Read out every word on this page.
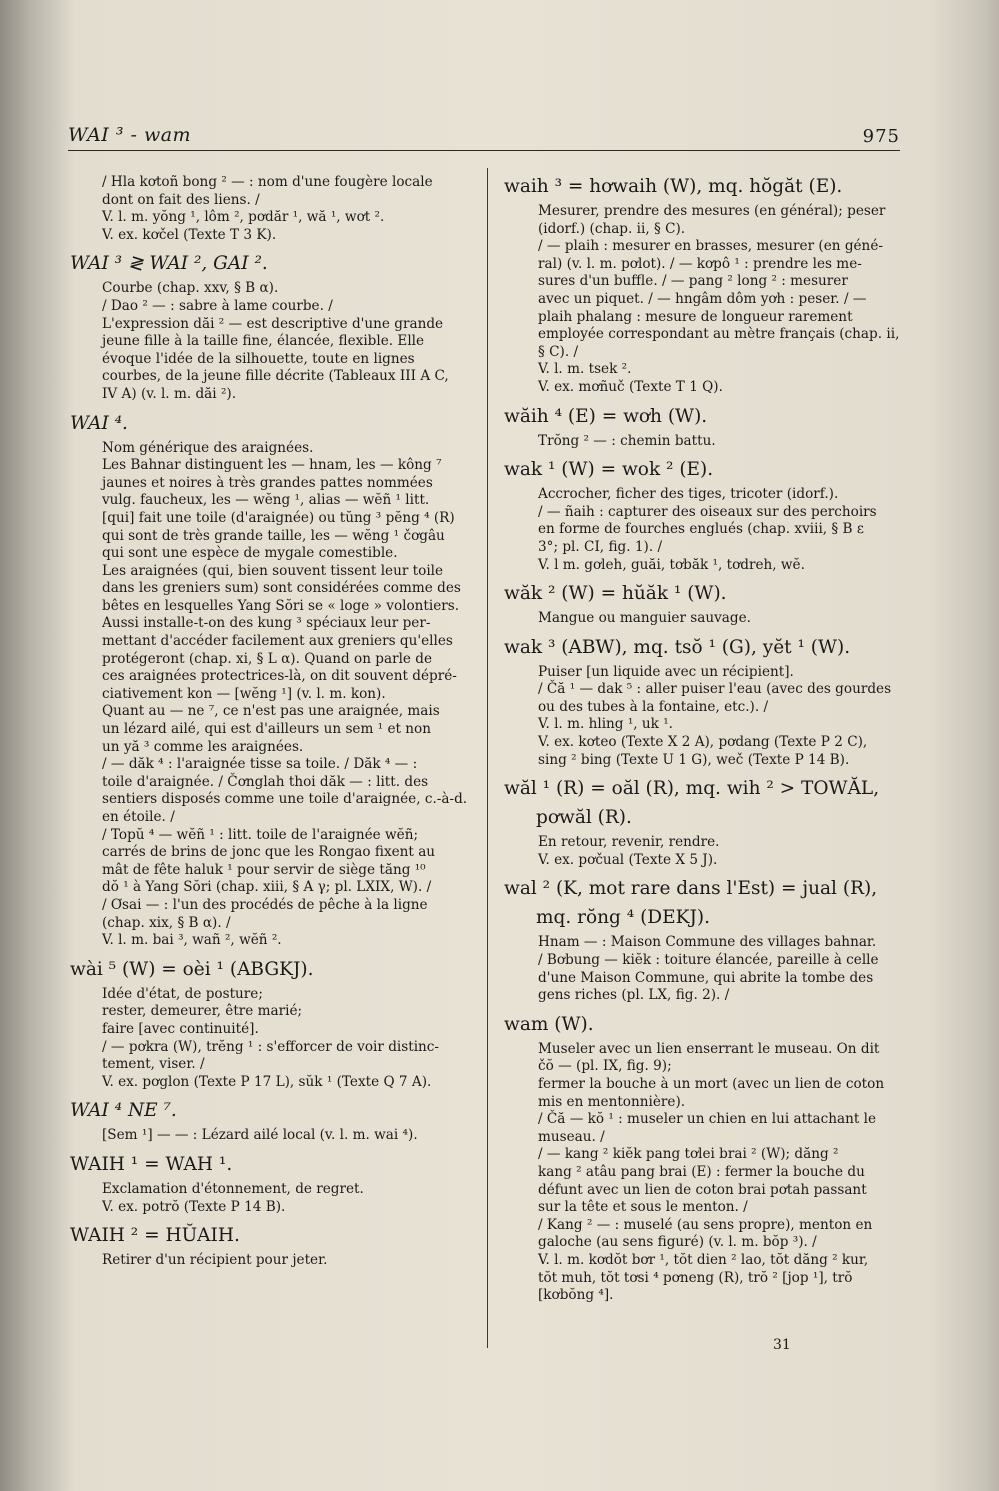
WAI ³ - wam	975

/ Hla kơtoñ bong ² — : nom d'une fougère locale

dont on fait des liens. /

V. l. m. yŏng ¹, lôm ², pơdăr ¹, wă ¹, wơt ².

V. ex. kơčel (Texte T 3 K).

WAI ³ ≷ WAI ², GAI ².

Courbe (chap. xxv, § B α).

/ Dao ² — : sabre à lame courbe. /

L'expression dăi ² — est descriptive d'une grande

jeune fille à la taille fine, élancée, flexible. Elle

évoque l'idée de la silhouette, toute en lignes

courbes, de la jeune fille décrite (Tableaux III A C,

IV A) (v. l. m. dăi ²).

WAI ⁴.

Nom générique des araignées.

Les Bahnar distinguent les — hnam, les — kông ⁷

jaunes et noires à très grandes pattes nommées

vulg. faucheux, les — wĕng ¹, alias — wĕñ ¹ litt.

[qui] fait une toile (d'araignée) ou tŭng ³ pĕng ⁴ (R)

qui sont de très grande taille, les — wĕng ¹ čơgâu

qui sont une espèce de mygale comestible.

Les araignées (qui, bien souvent tissent leur toile

dans les greniers sum) sont considérées comme des

bêtes en lesquelles Yang Sŏri se « loge » volontiers.

Aussi installe-t-on des kung ³ spéciaux leur per-

mettant d'accéder facilement aux greniers qu'elles

protégeront (chap. xi, § L α). Quand on parle de

ces araignées protectrices-là, on dit souvent dépré-

ciativement kon — [wĕng ¹] (v. l. m. kon).

Quant au — ne ⁷, ce n'est pas une araignée, mais

un lézard ailé, qui est d'ailleurs un sem ¹ et non

un yă ³ comme les araignées.

/ — dăk ⁴ : l'araignée tisse sa toile. / Dăk ⁴ — :

toile d'araignée. / Čơnglah thoi dăk — : litt. des

sentiers disposés comme une toile d'araignée, c.-à-d.

en étoile. /

/ Topŭ ⁴ — wĕñ ¹ : litt. toile de l'araignée wĕñ;

carrés de brins de jonc que les Rongao fixent au

mât de fête haluk ¹ pour servir de siège tăng ¹⁰

dŏ ¹ à Yang Sŏri (chap. xiii, § A γ; pl. LXIX, W). /

/ Ơsai — : l'un des procédés de pêche à la ligne

(chap. xix, § B α). /

V. l. m. bai ³, wañ ², wĕñ ².

wài ⁵ (W) = oèi ¹ (ABGKJ).

Idée d'état, de posture;

rester, demeurer, être marié;

faire [avec continuité].

/ — pơkra (W), trĕng ¹ : s'efforcer de voir distinc-

tement, viser. /

V. ex. pơglon (Texte P 17 L), sŭk ¹ (Texte Q 7 A).

WAI ⁴ NE ⁷.

[Sem ¹] — — : Lézard ailé local (v. l. m. wai ⁴).

WAIH ¹ = WAH ¹.

Exclamation d'étonnement, de regret.

V. ex. potrŏ (Texte P 14 B).

WAIH ² = HŬAIH.

Retirer d'un récipient pour jeter.

waih ³ = hơwaih (W), mq. hŏgăt (E).

Mesurer, prendre des mesures (en général); peser

(idorf.) (chap. ii, § C).

/ — plaih : mesurer en brasses, mesurer (en géné-

ral) (v. l. m. pơlot). / — kơpô ¹ : prendre les me-

sures d'un buffle. / — pang ² long ² : mesurer

avec un piquet. / — hngâm dôm yơh : peser. / —

plaih phalang : mesure de longueur rarement

employée correspondant au mètre français (chap. ii,

§ C). /

V. l. m. tsek ².

V. ex. mơñuč (Texte T 1 Q).

wăih ⁴ (E) = wơh (W).

Trŏng ² — : chemin battu.

wak ¹ (W) = wok ² (E).

Accrocher, ficher des tiges, tricoter (idorf.).

/ — ñaih : capturer des oiseaux sur des perchoirs

en forme de fourches englués (chap. xviii, § B ε

3°; pl. CI, fig. 1). /

V. l m. gơleh, guăi, tơbăk ¹, tơdreh, wĕ.

wăk ² (W) = hŭăk ¹ (W).

Mangue ou manguier sauvage.

wak ³ (ABW), mq. tsŏ ¹ (G), yĕt ¹ (W).

Puiser [un liquide avec un récipient].

/ Čă ¹ — dak ⁵ : aller puiser l'eau (avec des gourdes

ou des tubes à la fontaine, etc.). /

V. l. m. hling ¹, uk ¹.

V. ex. kơteo (Texte X 2 A), pơdang (Texte P 2 C),

sing ² bing (Texte U 1 G), wеč (Texte P 14 B).

wăl ¹ (R) = oăl (R), mq. wih ² > TOWĂL,
pơwăl (R).

En retour, revenir, rendre.

V. ex. pơčual (Texte X 5 J).

wal ² (K, mot rare dans l'Est) = jual (R),
mq. rŏng ⁴ (DEKJ).

Hnam — : Maison Commune des villages bahnar.

/ Bơbung — kiĕk : toiture élancée, pareille à celle

d'une Maison Commune, qui abrite la tombe des

gens riches (pl. LX, fig. 2). /

wam (W).

Museler avec un lien enserrant le museau. On dit

čŏ — (pl. IX, fig. 9);

fermer la bouche à un mort (avec un lien de coton

mis en mentonnière).

/ Čă — kŏ ¹ : museler un chien en lui attachant le

museau. /

/ — kang ² kiĕk pang tơlei brai ² (W); dăng ²

kang ² atâu pang brai (E) : fermer la bouche du

défunt avec un lien de coton brai pơtah passant

sur la tête et sous le menton. /

/ Kang ² — : muselé (au sens propre), menton en

galoche (au sens figuré) (v. l. m. bŏp ³). /

V. l. m. kơdŏt bơr ¹, tŏt dien ² lao, tŏt dăng ² kur,

tŏt muh, tŏt tơsi ⁴ pơneng (R), trŏ ² [jop ¹], trŏ

[kơbŏng ⁴].

31
